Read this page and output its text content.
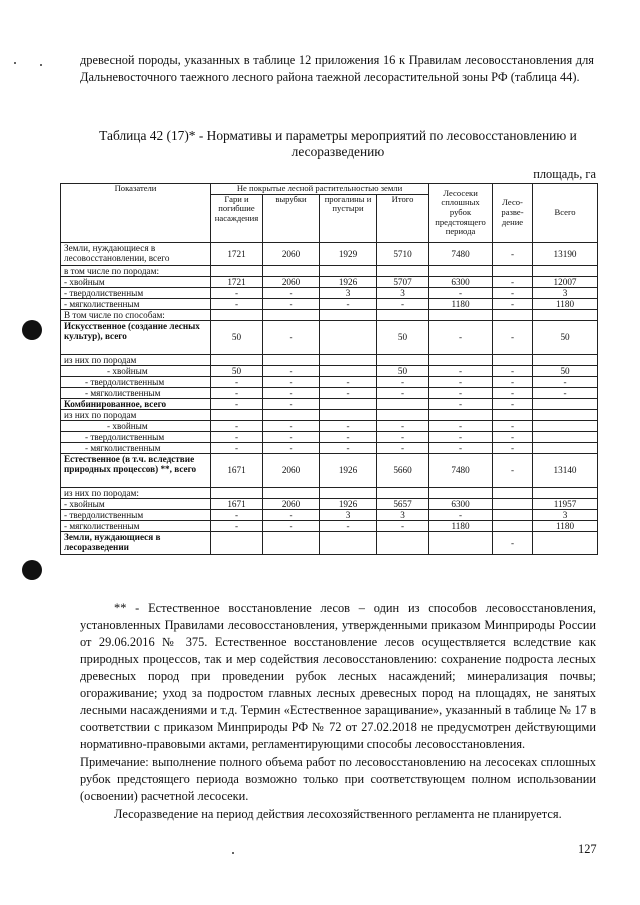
древесной породы, указанных в таблице 1⁠2 приложения 16 к Правилам лесовосстановления для Дальневосточного таежного лесного района таежной лесорастительной зоны РФ (таблица 44).

Таблица 42 (17)* - Нормативы и параметры мероприятий по лесовосстановлению и лесоразведению
площадь, га
Показатели	Не покрытые лесной растительностью земли				Лесосеки сплошных рубок предстоящего периода	Лесо-разве-дение	Всего
	Гари и погибшие насаждения	вырубки	прогалины и пустыри	Итого			
Земли, нуждающиеся в лесовосстановлении, всего	1721	2060	1929	5710	7480	-	13190
в том числе по породам:							
- хвойным	1721	2060	1926	5707	6300	-	12007
- твердолиственным	-	-	3	3	-	-	3
- мягколиственным	-	-	-	-	1180	-	1180
В том числе по способам:							
Искусственное (создание лесных культур), всего	50	-		50	-	-	50
из них по породам							
- хвойным	50	-		50	-	-	50
- твердолиственным	-	-	-	-	-	-	-
- мягколиственным	-	-	-	-	-	-	-
Комбинированное, всего	-	-			-	-	
из них по породам							
- хвойным	-	-	-	-	-	-	
- твердолиственным	-	-	-	-	-	-	
- мягколиственным	-	-	-	-	-	-	
Естественное (в т.ч. вследствие природных процессов) **, всего	1671	2060	1926	5660	7480	-	13140
из них по породам:							
- хвойным	1671	2060	1926	5657	6300		11957
- твердолиственным	-	-	3	3	-		3
- мягколиственным	-	-	-	-	1180		1180
Земли, нуждающиеся в лесоразведении						-	

** - Естественное восстановление лесов – один из способов лесовосстановления, установленных Правилами лесовосстановления, утвержденными приказом Минприроды России от 29.06.2016 № 375. Естественное восстановление лесов осуществляется вследствие как природных процессов, так и мер содействия лесовосстановлению: сохранение подроста лесных древесных пород при проведении рубок лесных насаждений; минерализация почвы; огораживание; уход за подростом главных лесных древесных пород на площадях, не занятых лесными насаждениями и т.д. Термин «Естественное заращивание», указанный в таблице № 17 в соответствии с приказом Минприроды РФ № 72 от 27.02.2018 не предусмотрен действующими нормативно-правовыми актами, регламентирующими способы лесовосстановления.

Примечание: выполнение полного объема работ по лесовосстановлению на лесосеках сплошных рубок предстоящего периода возможно только при соответствующем полном использовании (освоении) расчетной лесосеки.

Лесоразведение на период действия лесохозяйственного регламента не планируется.

127
